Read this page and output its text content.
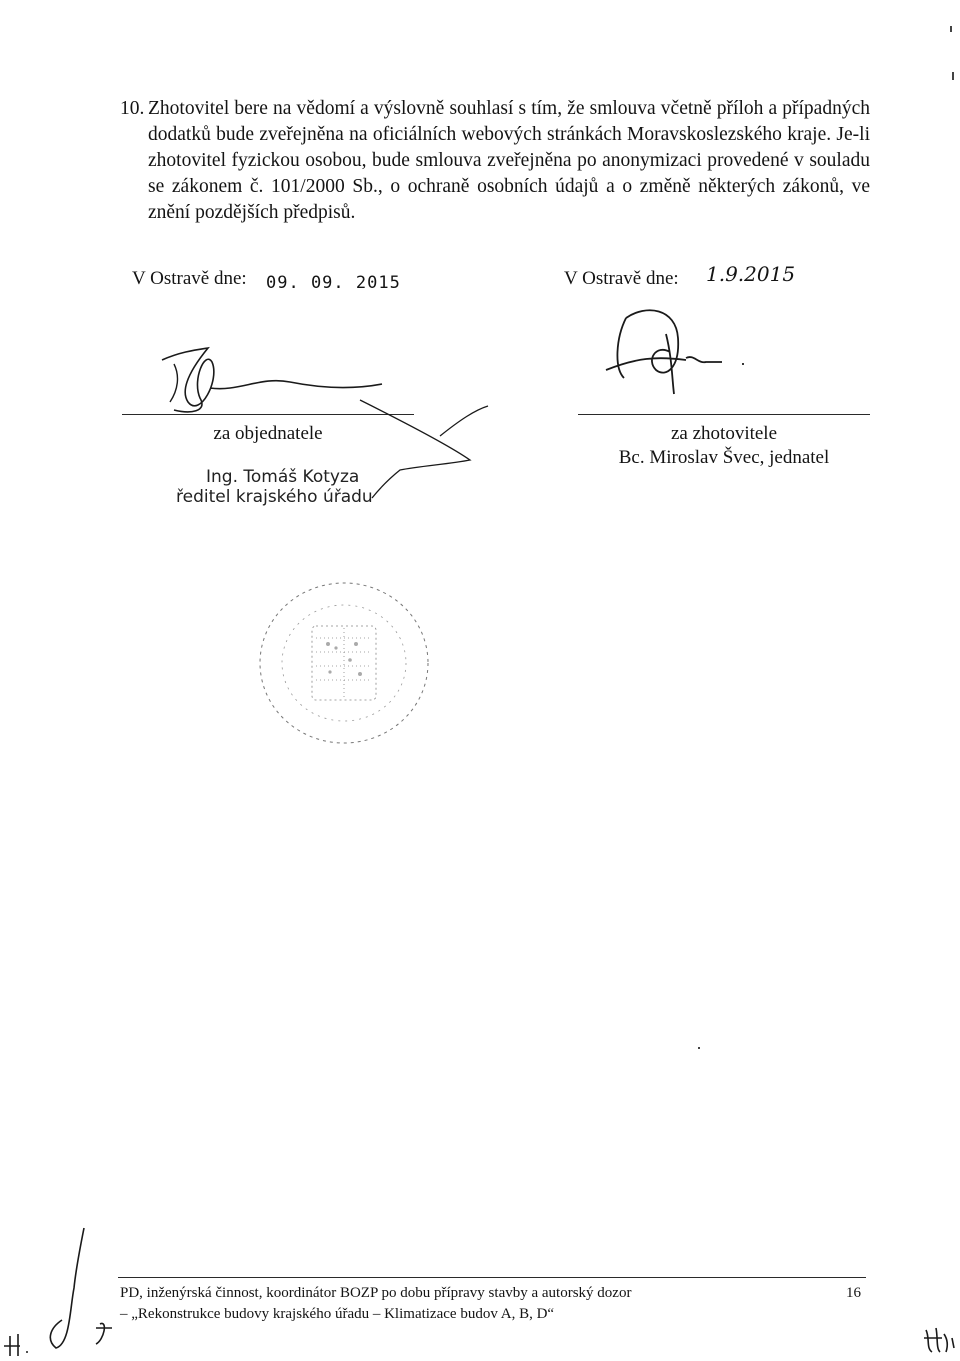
10. Zhotovitel bere na vědomí a výslovně souhlasí s tím, že smlouva včetně příloh a případných dodatků bude zveřejněna na oficiálních webových stránkách Moravskoslezského kraje. Je-li zhotovitel fyzickou osobou, bude smlouva zveřejněna po anonymizaci provedené v souladu se zákonem č. 101/2000 Sb., o ochraně osobních údajů a o změně některých zákonů, ve znění pozdějších předpisů.
V Ostravě dne: 09. 09. 2015	V Ostravě dne: 1.9.2015
za objednatele	za zhotovitele
Bc. Miroslav Švec, jednatel
Ing. Tomáš Kotyza
ředitel krajského úřadu
PD, inženýrská činnost, koordinátor BOZP po dobu přípravy stavby a autorský dozor
– „Rekonstrukce budovy krajského úřadu – Klimatizace budov A, B, D“
16
